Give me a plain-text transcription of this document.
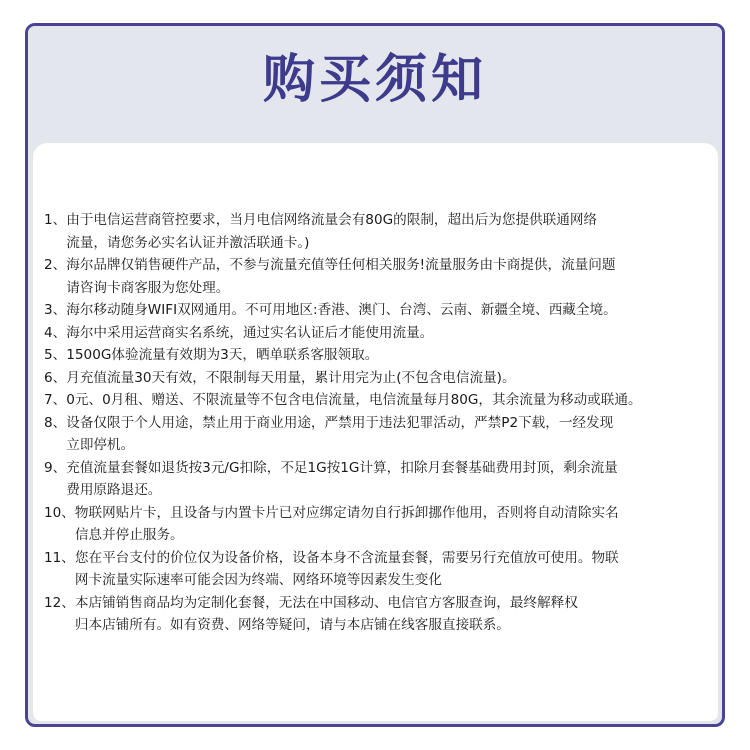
购买须知
1、 由于电信运营商管控要求，当月电信网络流量会有80G的限制，超出后为您提供联通网络
流量，请您务必实名认证并激活联通卡。)
2、 海尔品牌仅销售硬件产品，不参与流量充值等任何相关服务!流量服务由卡商提供，流量问题
请咨询卡商客服为您处理。
3、 海尔移动随身WIFI双网通用。不可用地区:香港、澳门、台湾、云南、新疆全境、西藏全境。
4、 海尔中采用运营商实名系统，通过实名认证后才能使用流量。
5、 1500G体验流量有效期为3天，晒单联系客服领取。
6、 月充值流量30天有效，不限制每天用量，累计用完为止(不包含电信流量)。
7、 0元、0月租、赠送、不限流量等不包含电信流量，电信流量每月80G，其余流量为移动或联通。
8、 设备仅限于个人用途，禁止用于商业用途，严禁用于违法犯罪活动，严禁P2下载，一经发现
立即停机。
9、 充值流量套餐如退货按3元/G扣除，不足1G按1G计算，扣除月套餐基础费用封顶，剩余流量
费用原路退还。
10、 物联网贴片卡，且设备与内置卡片已对应绑定请勿自行拆卸挪作他用，否则将自动清除实名
信息并停止服务。
11、 您在平台支付的价位仅为设备价格，设备本身不含流量套餐，需要另行充值放可使用。物联
网卡流量实际速率可能会因为终端、网络环境等因素发生变化
12、 本店铺销售商品均为定制化套餐，无法在中国移动、电信官方客服查询，最终解释权
归本店铺所有。如有资费、网络等疑问，请与本店铺在线客服直接联系。
